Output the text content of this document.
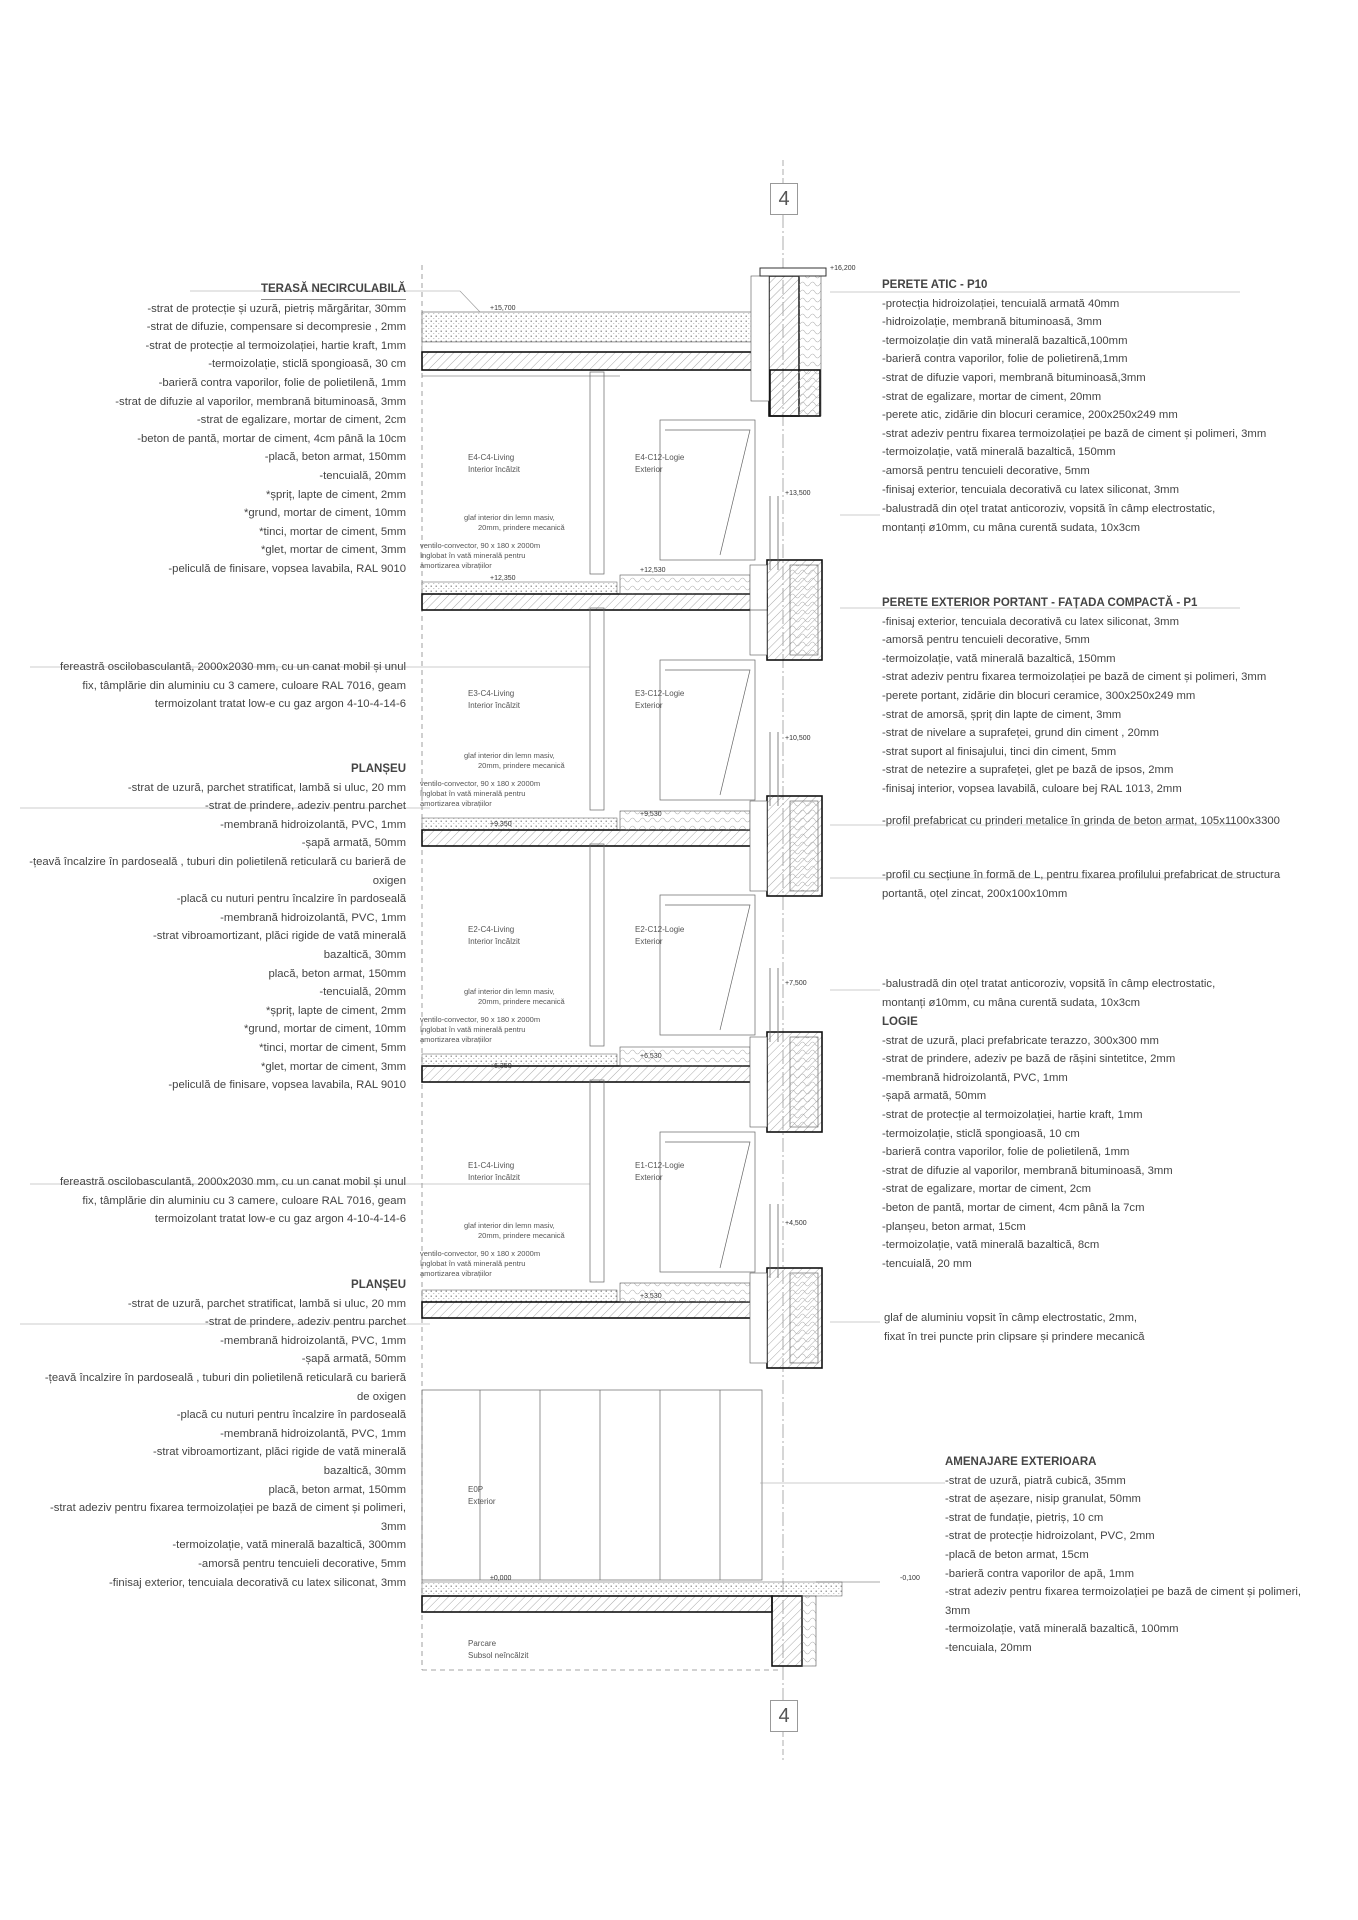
4
4
+16,200
+15,700
+13,500
+12,530
+12,350
+10,500
+9,530
+9,350
+7,500
+6,530
+6,350
+4,500
+3,530
±0,000	-0,100
E4-C4-Living
Interior încălzit
E4-C12-Logie
Exterior
E3-C4-Living
Interior încălzit
E3-C12-Logie
Exterior
E2-C4-Living
Interior încălzit
E2-C12-Logie
Exterior
E1-C4-Living
Interior încălzit
E1-C12-Logie
Exterior
E0P
Exterior
Parcare
Subsol neîncălzit
glaf interior din lemn masiv,
20mm, prindere mecanică
ventilo-convector, 90 x 180 x 2000m
înglobat în vată minerală pentru
amortizarea vibrațiilor
glaf interior din lemn masiv,
20mm, prindere mecanică
ventilo-convector, 90 x 180 x 2000m
înglobat în vată minerală pentru
amortizarea vibrațiilor
glaf interior din lemn masiv,
20mm, prindere mecanică
ventilo-convector, 90 x 180 x 2000m
înglobat în vată minerală pentru
amortizarea vibrațiilor
glaf interior din lemn masiv,
20mm, prindere mecanică
ventilo-convector, 90 x 180 x 2000m
înglobat în vată minerală pentru
amortizarea vibrațiilor
TERASĂ NECIRCULABILĂ
-strat de protecție și uzură, pietriș mărgăritar, 30mm
-strat de difuzie, compensare si decompresie , 2mm
-strat de protecție al termoizolației, hartie kraft, 1mm
-termoizolație, sticlă spongioasă, 30 cm
-barieră contra vaporilor, folie de polietilenă, 1mm
-strat de difuzie al vaporilor, membrană bituminoasă, 3mm
-strat de egalizare, mortar de ciment, 2cm
-beton de pantă, mortar de ciment, 4cm până la 10cm
-placă, beton armat, 150mm
-tencuială, 20mm
*șpriț, lapte de ciment, 2mm
*grund, mortar de ciment, 10mm
*tinci, mortar de ciment, 5mm
*glet, mortar de ciment, 3mm
-peliculă de finisare, vopsea lavabila, RAL 9010
fereastră oscilobasculantă, 2000x2030 mm, cu un canat mobil și unul
fix, tâmplărie din aluminiu cu 3 camere, culoare RAL 7016, geam
termoizolant tratat low-e cu gaz argon 4-10-4-14-6
PLANȘEU
-strat de uzură, parchet stratificat, lambă si uluc, 20 mm
-strat de prindere, adeziv pentru parchet
-membrană hidroizolantă, PVC, 1mm
-șapă armată, 50mm
-țeavă încalzire în pardoseală , tuburi din polietilenă reticulară cu barieră de
oxigen
-placă cu nuturi pentru încalzire în pardoseală
-membrană hidroizolantă, PVC, 1mm
-strat vibroamortizant, plăci rigide de vată minerală
bazaltică, 30mm
placă, beton armat, 150mm
-tencuială, 20mm
*șpriț, lapte de ciment, 2mm
*grund, mortar de ciment, 10mm
*tinci, mortar de ciment, 5mm
*glet, mortar de ciment, 3mm
-peliculă de finisare, vopsea lavabila, RAL 9010
fereastră oscilobasculantă, 2000x2030 mm, cu un canat mobil și unul
fix, tâmplărie din aluminiu cu 3 camere, culoare RAL 7016, geam
termoizolant tratat low-e cu gaz argon 4-10-4-14-6
PLANȘEU
-strat de uzură, parchet stratificat, lambă si uluc, 20 mm
-strat de prindere, adeziv pentru parchet
-membrană hidroizolantă, PVC, 1mm
-șapă armată, 50mm
-țeavă încalzire în pardoseală , tuburi din polietilenă reticulară cu barieră
de oxigen
-placă cu nuturi pentru încalzire în pardoseală
-membrană hidroizolantă, PVC, 1mm
-strat vibroamortizant, plăci rigide de vată minerală
bazaltică, 30mm
placă, beton armat, 150mm
-strat adeziv pentru fixarea termoizolației pe bază de ciment și polimeri,
3mm
-termoizolație, vată minerală bazaltică, 300mm
-amorsă pentru tencuieli decorative, 5mm
-finisaj exterior, tencuiala decorativă cu latex siliconat, 3mm
PERETE ATIC - P10
-protecția hidroizolației, tencuială armată 40mm
-hidroizolație, membrană bituminoasă, 3mm
-termoizolație din vată minerală bazaltică,100mm
-barieră contra vaporilor, folie de polietirenă,1mm
-strat de difuzie vapori, membrană bituminoasă,3mm
-strat de egalizare, mortar de ciment, 20mm
-perete atic, zidărie din blocuri ceramice, 200x250x249 mm
-strat adeziv pentru fixarea termoizolației pe bază de ciment și polimeri, 3mm
-termoizolație, vată minerală bazaltică, 150mm
-amorsă pentru tencuieli decorative, 5mm
-finisaj exterior, tencuiala decorativă cu latex siliconat, 3mm
-balustradă din oțel tratat anticoroziv, vopsită în câmp electrostatic,
montanți ø10mm, cu mâna curentă sudata, 10x3cm
PERETE EXTERIOR PORTANT - FAȚADA COMPACTĂ - P1
-finisaj exterior, tencuiala decorativă cu latex siliconat, 3mm
-amorsă pentru tencuieli decorative, 5mm
-termoizolație, vată minerală bazaltică, 150mm
-strat adeziv pentru fixarea termoizolației pe bază de ciment și polimeri, 3mm
-perete portant, zidărie din blocuri ceramice, 300x250x249 mm
-strat de amorsă, șpriț din lapte de ciment, 3mm
-strat de nivelare a suprafeței, grund din ciment , 20mm
-strat suport al finisajului, tinci din ciment, 5mm
-strat de netezire a suprafeței, glet pe bază de ipsos, 2mm
-finisaj interior, vopsea lavabilă, culoare bej RAL 1013, 2mm
-profil prefabricat cu prinderi metalice în grinda de beton armat, 105x1100x3300
-profil cu secțiune în formă de L, pentru fixarea profilului prefabricat de structura
portantă, oțel zincat, 200x100x10mm
-balustradă din oțel tratat anticoroziv, vopsită în câmp electrostatic,
montanți ø10mm, cu mâna curentă sudata, 10x3cm
LOGIE
-strat de uzură, placi prefabricate terazzo, 300x300 mm
-strat de prindere, adeziv pe bază de rășini sintetitce, 2mm
-membrană hidroizolantă, PVC, 1mm
-șapă armată, 50mm
-strat de protecție al termoizolației, hartie kraft, 1mm
-termoizolație, sticlă spongioasă, 10 cm
-barieră contra vaporilor, folie de polietilenă, 1mm
-strat de difuzie al vaporilor, membrană bituminoasă, 3mm
-strat de egalizare, mortar de ciment, 2cm
-beton de pantă, mortar de ciment, 4cm până la 7cm
-planșeu, beton armat, 15cm
-termoizolație, vată minerală bazaltică, 8cm
-tencuială, 20 mm
glaf de aluminiu vopsit în câmp electrostatic, 2mm,
fixat în trei puncte prin clipsare și prindere mecanică
AMENAJARE EXTERIOARA
-strat de uzură, piatră cubică, 35mm
-strat de așezare, nisip granulat, 50mm
-strat de fundație, pietriș, 10 cm
-strat de protecție hidroizolant, PVC, 2mm
-placă de beton armat, 15cm
-barieră contra vaporilor de apă, 1mm
-strat adeziv pentru fixarea termoizolației pe bază de ciment și polimeri,
3mm
-termoizolație, vată minerală bazaltică, 100mm
-tencuiala, 20mm
